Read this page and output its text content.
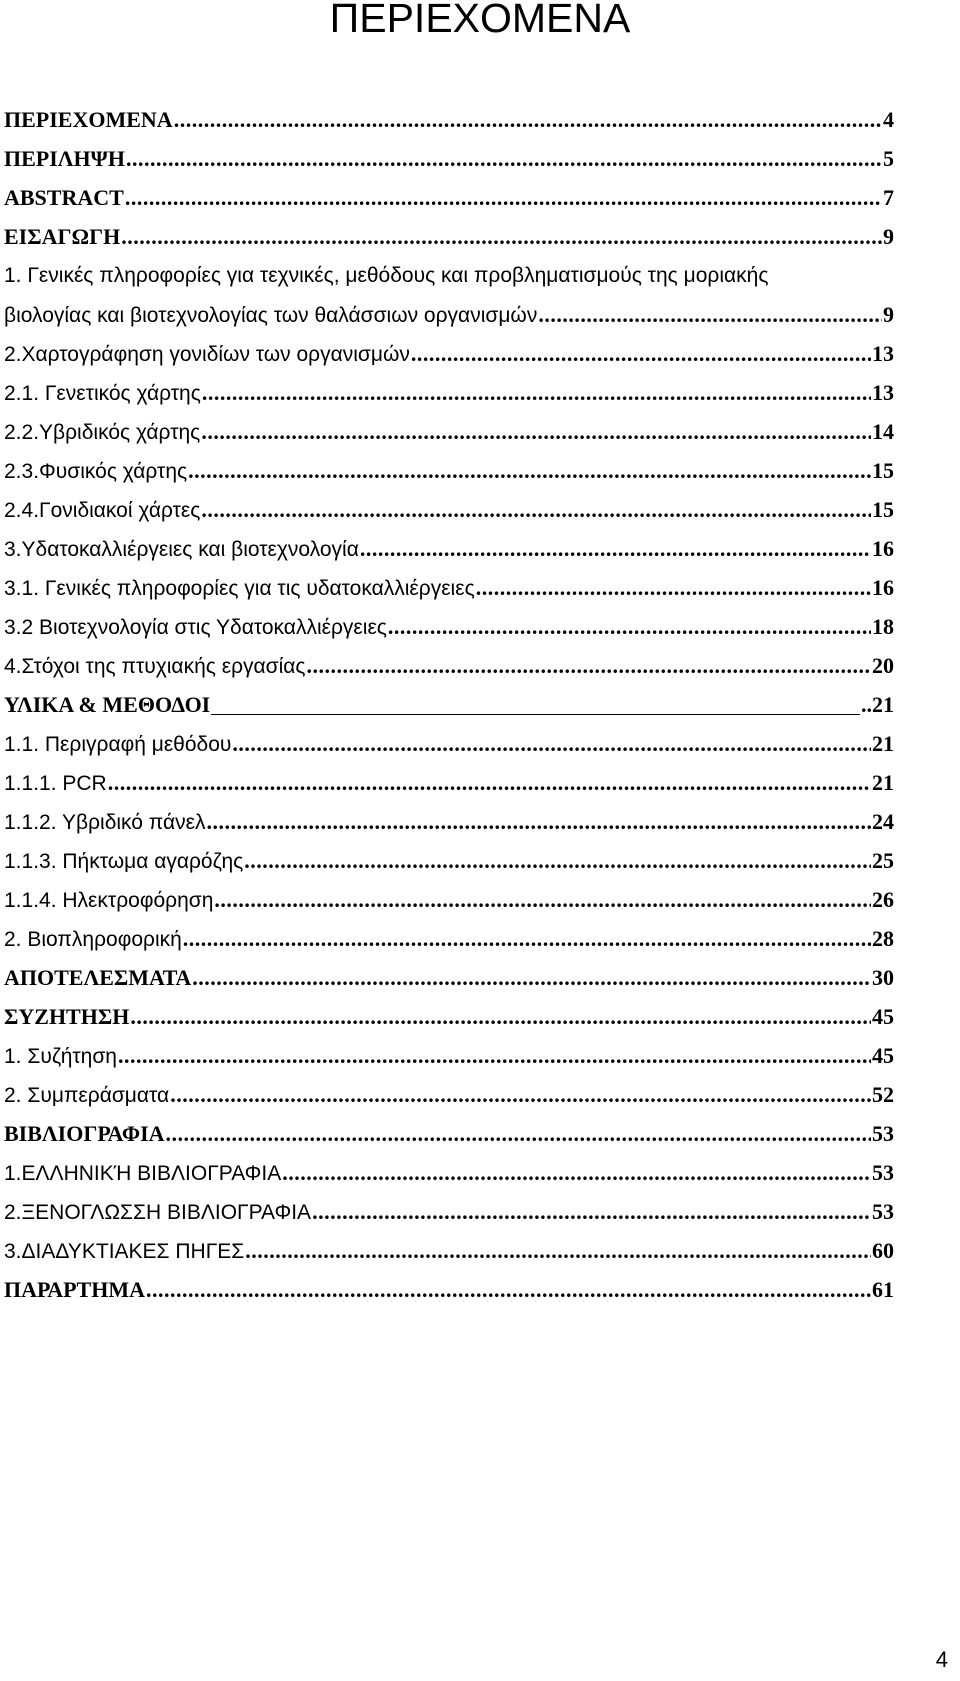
ΠΕΡΙΕΧΟΜΕΝΑ
ΠΕΡΙΕΧΟΜΕΝΑ .....	4
ΠΕΡΙΛΗΨΗ .....	5
ABSTRACT .....	7
ΕΙΣΑΓΩΓΗ .....	9
1. Γενικές πληροφορίες για τεχνικές, μεθόδους και προβληματισμούς της μοριακής
βιολογίας και βιοτεχνολογίας των θαλάσσιων οργανισμών .....	9
2.Χαρτογράφηση γονιδίων των οργανισμών .....	13
2.1. Γενετικός χάρτης .....	13
2.2.Υβριδικός χάρτης .....	14
2.3.Φυσικός χάρτης .....	15
2.4.Γονιδιακοί χάρτες .....	15
3.Υδατοκαλλιέργειες και βιοτεχνολογία .....	16
3.1. Γενικές πληροφορίες για τις υδατοκαλλιέργειες .....	16
3.2 Βιοτεχνολογία στις Υδατοκαλλιέργειες .....	18
4.Στόχοι της πτυχιακής εργασίας .....	20
ΥΛΙΚΑ & ΜΕΘΟΔΟΙ	..21
1.1. Περιγραφή μεθόδου .....	21
1.1.1. PCR .....	21
1.1.2. Υβριδικό πάνελ .....	24
1.1.3. Πήκτωμα αγαρόζης .....	25
1.1.4. Ηλεκτροφόρηση .....	26
2. Βιοπληροφορική .....	28
ΑΠΟΤΕΛΕΣΜΑΤΑ .....	30
ΣΥΖΗΤΗΣΗ .....	45
1. Συζήτηση .....	45
2. Συμπεράσματα .....	52
ΒΙΒΛΙΟΓΡΑΦΙΑ .....	53
1.ΕΛΛΗΝΙΚΉ ΒΙΒΛΙΟΓΡΑΦΙΑ .....	53
2.ΞΕΝΟΓΛΩΣΣΗ ΒΙΒΛΙΟΓΡΑΦΙΑ .....	53
3.ΔΙΑΔΥΚΤΙΑΚΕΣ ΠΗΓΕΣ .....	60
ΠΑΡΑΡΤΗΜΑ .....	61
4
